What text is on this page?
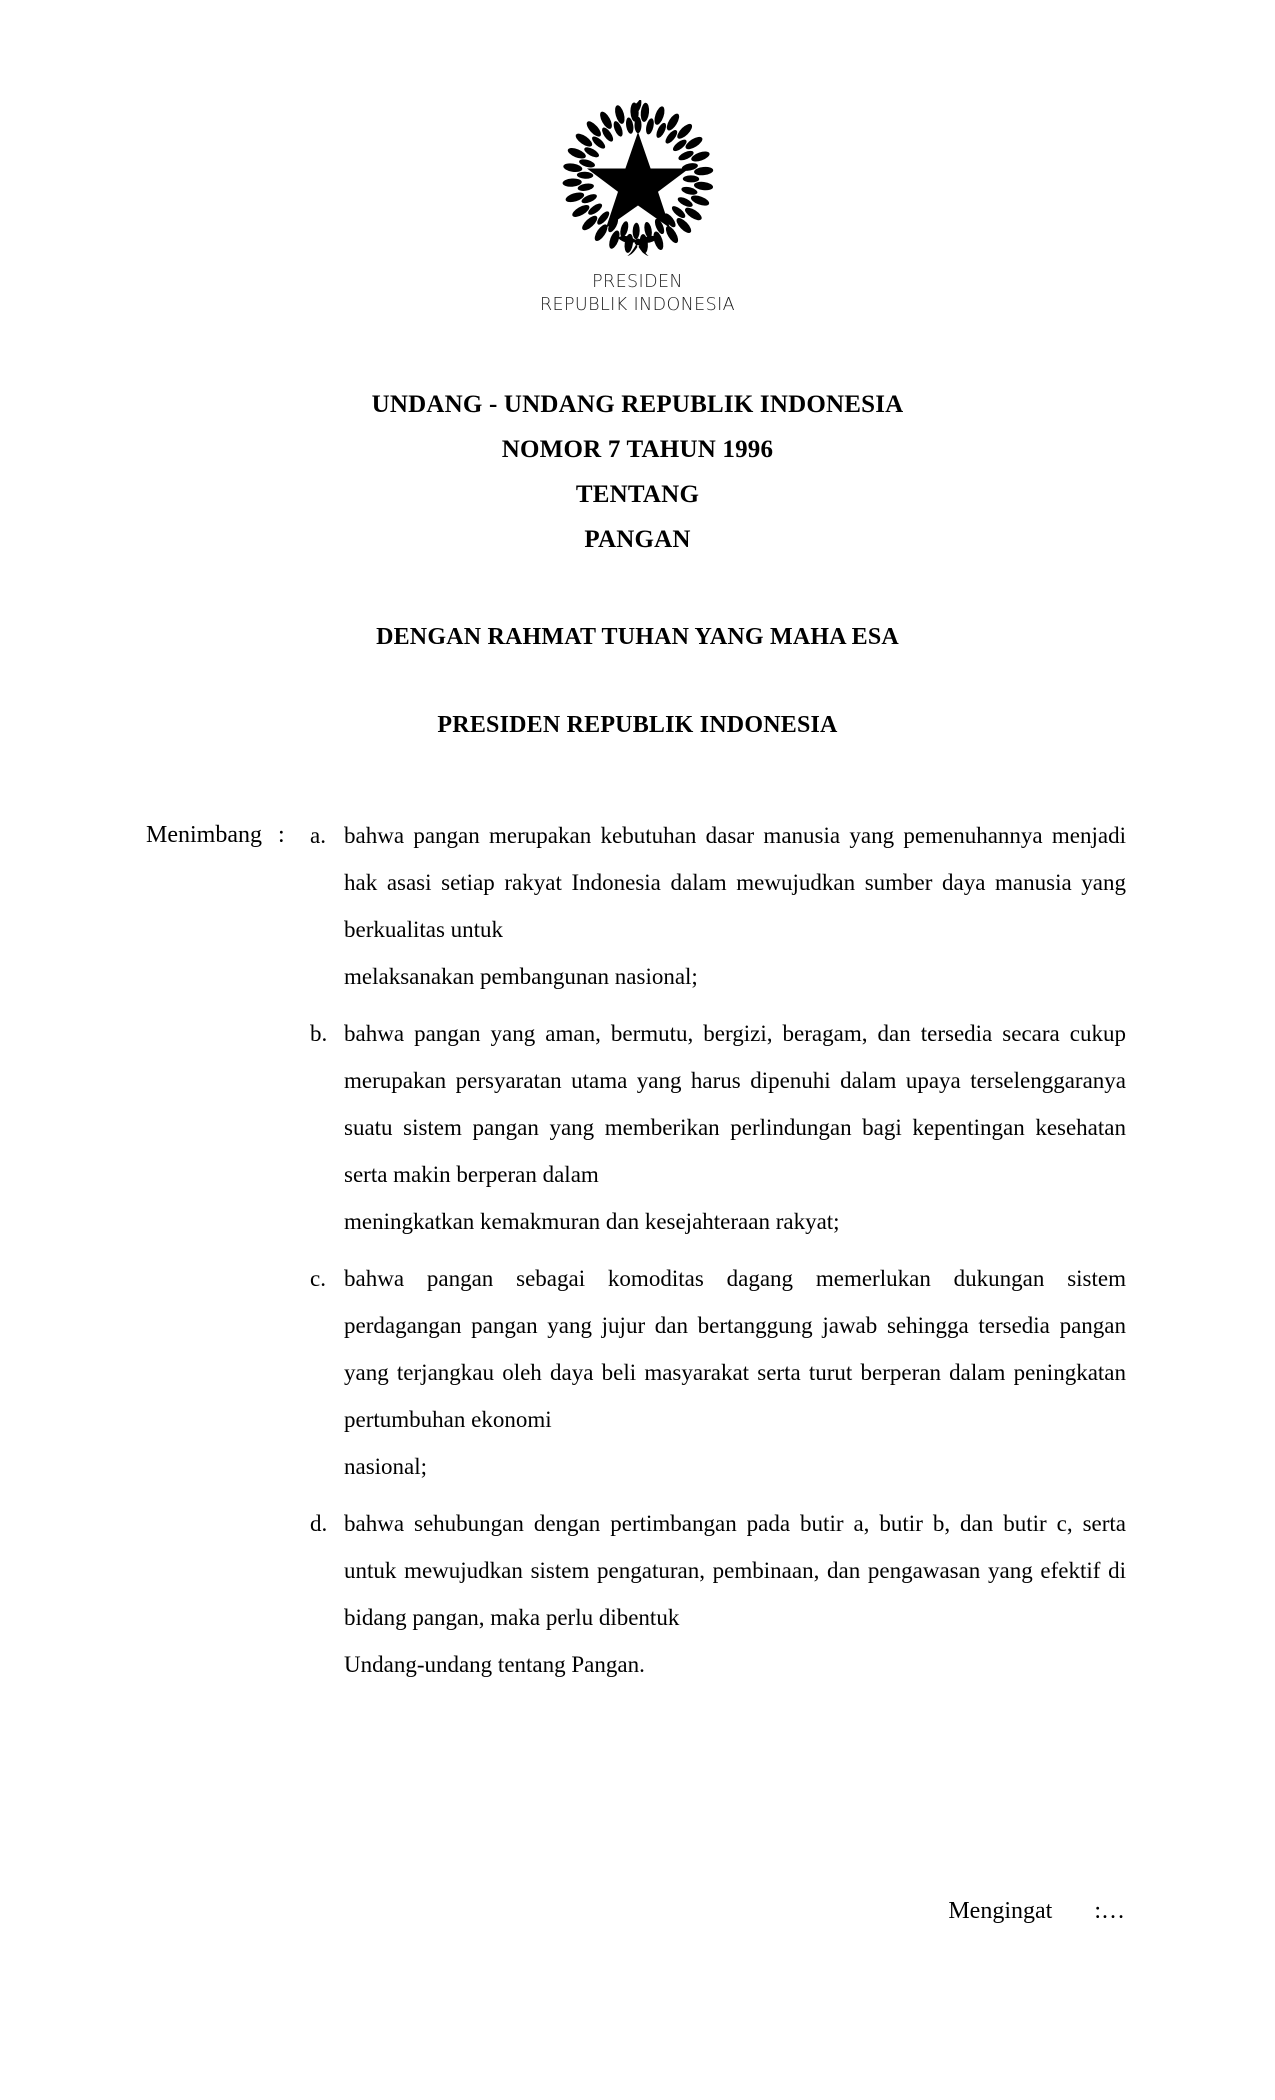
PRESIDEN
REPUBLIK INDONESIA
UNDANG - UNDANG REPUBLIK INDONESIA
NOMOR 7 TAHUN 1996
TENTANG
PANGAN
DENGAN RAHMAT TUHAN YANG MAHA ESA
PRESIDEN REPUBLIK INDONESIA
Menimbang :	a. bahwa pangan merupakan kebutuhan dasar manusia yang pemenuhannya menjadi hak asasi setiap rakyat Indonesia dalam mewujudkan sumber daya manusia yang berkualitas untuk
melaksanakan pembangunan nasional;
b. bahwa pangan yang aman, bermutu, bergizi, beragam, dan tersedia secara cukup merupakan persyaratan utama yang harus dipenuhi dalam upaya terselenggaranya suatu sistem pangan yang memberikan perlindungan bagi kepentingan kesehatan serta makin berperan dalam
meningkatkan kemakmuran dan kesejahteraan rakyat;
c. bahwa pangan sebagai komoditas dagang memerlukan dukungan sistem perdagangan pangan yang jujur dan bertanggung jawab sehingga tersedia pangan yang terjangkau oleh daya beli masyarakat serta turut berperan dalam peningkatan pertumbuhan ekonomi
nasional;
d. bahwa sehubungan dengan pertimbangan pada butir a, butir b, dan butir c, serta untuk mewujudkan sistem pengaturan, pembinaan, dan pengawasan yang efektif di bidang pangan, maka perlu dibentuk
Undang-undang tentang Pangan.
Mengingat :…
